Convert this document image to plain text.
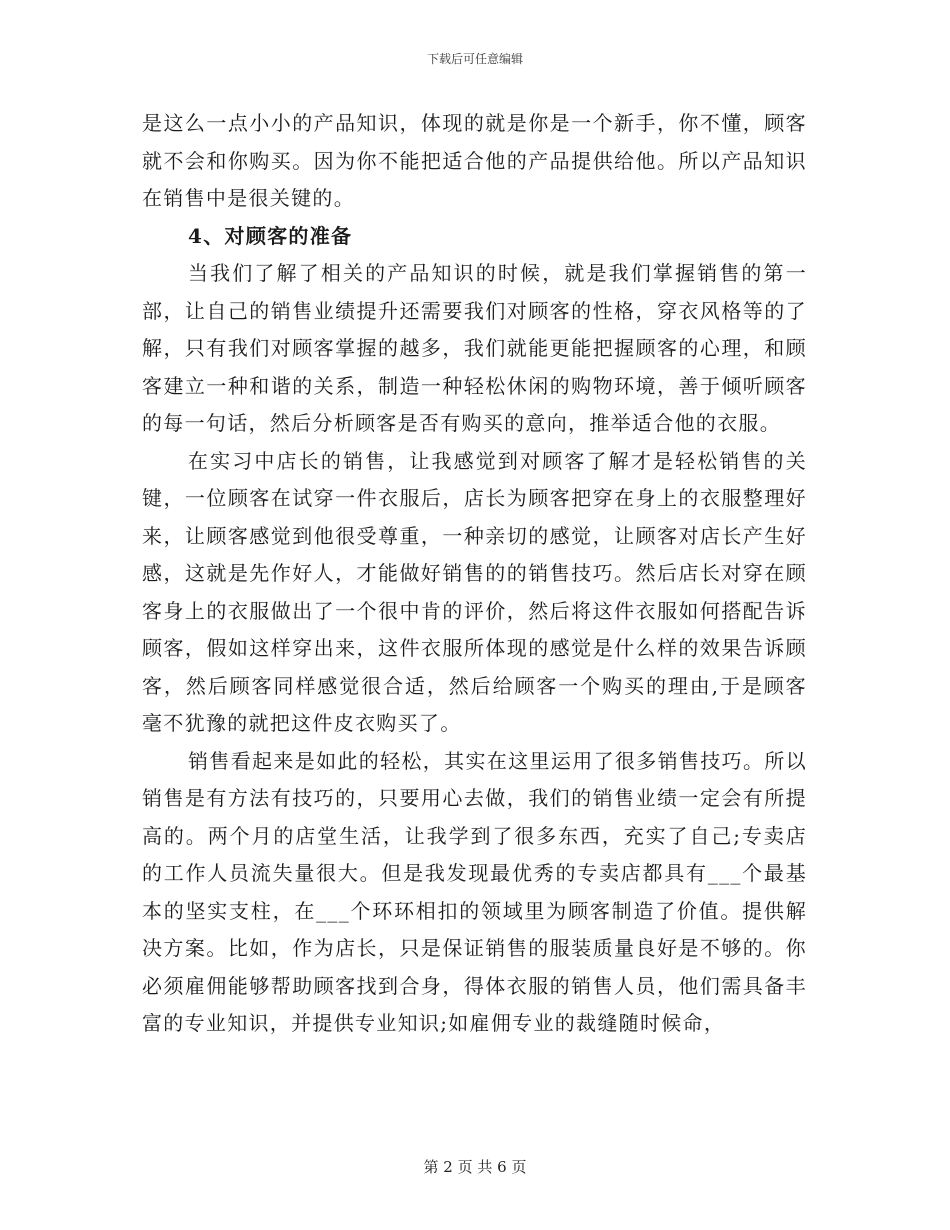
下载后可任意编辑

是这么一点小小的产品知识，体现的就是你是一个新手，你不懂，顾客就不会和你购买。因为你不能把适合他的产品提供给他。所以产品知识在销售中是很关键的。

4、对顾客的准备

当我们了解了相关的产品知识的时候，就是我们掌握销售的第一部，让自己的销售业绩提升还需要我们对顾客的性格，穿衣风格等的了解，只有我们对顾客掌握的越多，我们就能更能把握顾客的心理，和顾客建立一种和谐的关系，制造一种轻松休闲的购物环境，善于倾听顾客的每一句话，然后分析顾客是否有购买的意向，推举适合他的衣服。

在实习中店长的销售，让我感觉到对顾客了解才是轻松销售的关键，一位顾客在试穿一件衣服后，店长为顾客把穿在身上的衣服整理好来，让顾客感觉到他很受尊重，一种亲切的感觉，让顾客对店长产生好感，这就是先作好人，才能做好销售的的销售技巧。然后店长对穿在顾客身上的衣服做出了一个很中肯的评价，然后将这件衣服如何搭配告诉顾客，假如这样穿出来，这件衣服所体现的感觉是什么样的效果告诉顾客，然后顾客同样感觉很合适，然后给顾客一个购买的理由,于是顾客毫不犹豫的就把这件皮衣购买了。

销售看起来是如此的轻松，其实在这里运用了很多销售技巧。所以销售是有方法有技巧的，只要用心去做，我们的销售业绩一定会有所提高的。两个月的店堂生活，让我学到了很多东西，充实了自己;专卖店的工作人员流失量很大。但是我发现最优秀的专卖店都具有___个最基本的坚实支柱，在___个环环相扣的领域里为顾客制造了价值。提供解决方案。比如，作为店长，只是保证销售的服装质量良好是不够的。你必须雇佣能够帮助顾客找到合身，得体衣服的销售人员，他们需具备丰富的专业知识，并提供专业知识;如雇佣专业的裁缝随时候命，

第 2 页 共 6 页
